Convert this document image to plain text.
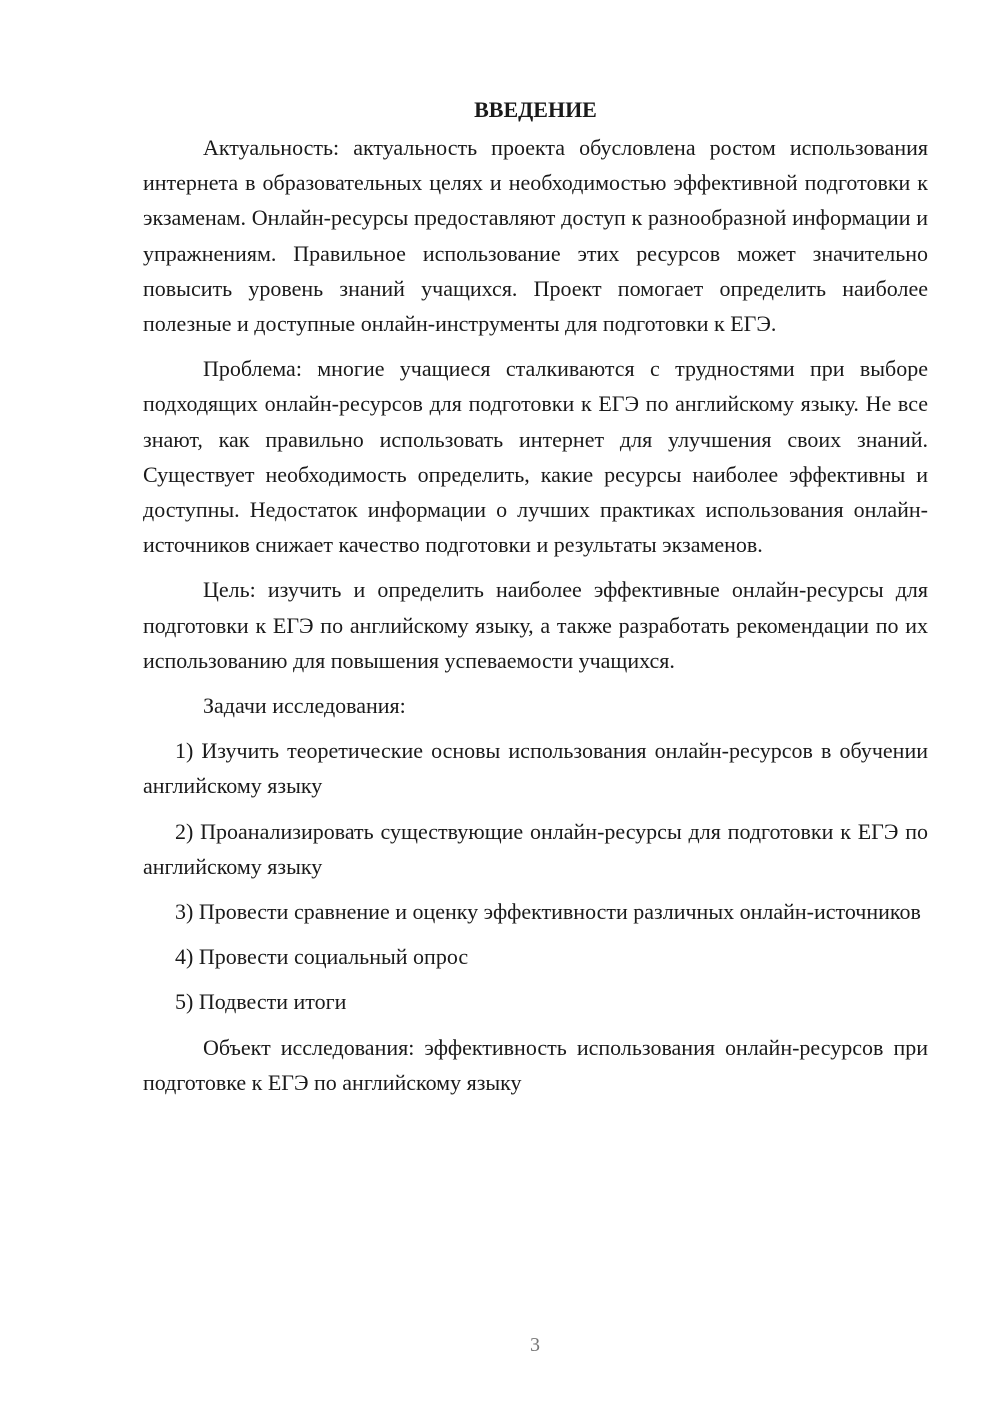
ВВЕДЕНИЕ

Актуальность: актуальность проекта обусловлена ростом использования интернета в образовательных целях и необходимостью эффективной подготовки к экзаменам. Онлайн-ресурсы предоставляют доступ к разнообразной информации и упражнениям. Правильное использование этих ресурсов может значительно повысить уровень знаний учащихся. Проект помогает определить наиболее полезные и доступные онлайн-инструменты для подготовки к ЕГЭ.

Проблема: многие учащиеся сталкиваются с трудностями при выборе подходящих онлайн-ресурсов для подготовки к ЕГЭ по английскому языку. Не все знают, как правильно использовать интернет для улучшения своих знаний. Существует необходимость определить, какие ресурсы наиболее эффективны и доступны. Недостаток информации о лучших практиках использования онлайн-источников снижает качество подготовки и результаты экзаменов.

Цель: изучить и определить наиболее эффективные онлайн-ресурсы для подготовки к ЕГЭ по английскому языку, а также разработать рекомендации по их использованию для повышения успеваемости учащихся.

Задачи исследования:

1) Изучить теоретические основы использования онлайн-ресурсов в обучении английскому языку

2) Проанализировать существующие онлайн-ресурсы для подготовки к ЕГЭ по английскому языку

3) Провести сравнение и оценку эффективности различных онлайн-источников

4) Провести социальный опрос

5) Подвести итоги

Объект исследования: эффективность использования онлайн-ресурсов при подготовке к ЕГЭ по английскому языку

3
